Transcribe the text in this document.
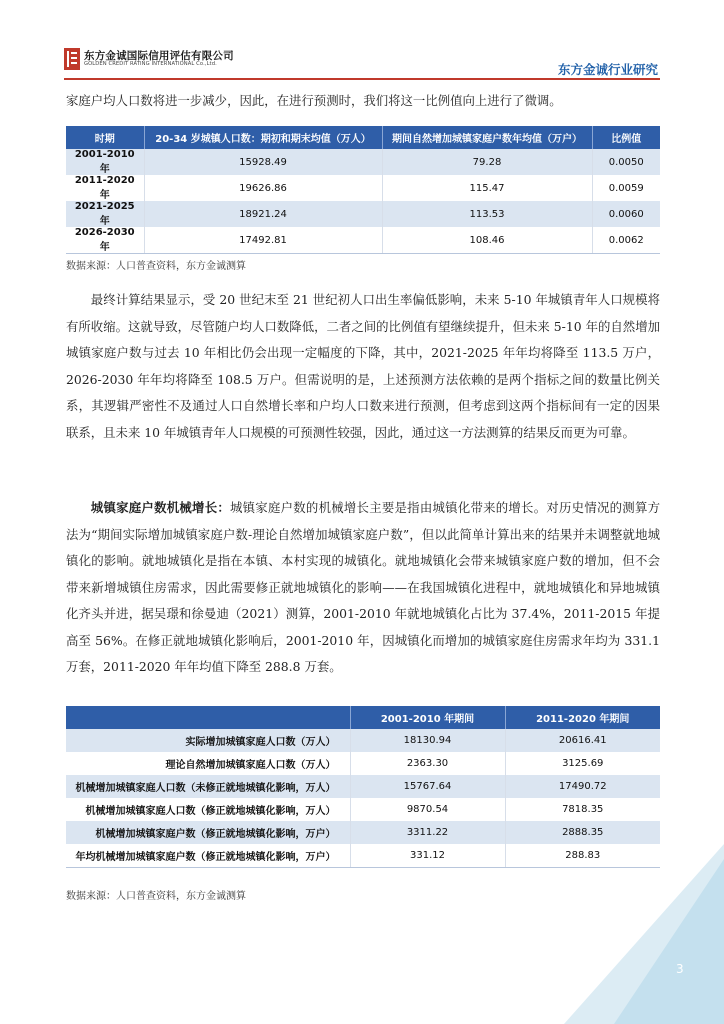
东方金诚国际信用评估有限公司
GOLDEN CREDIT RATING INTERNATIONAL Co.,Ltd.	东方金诚行业研究

家庭户均人口数将进一步减少，因此，在进行预测时，我们将这一比例值向上进行了微调。

时期	20-34 岁城镇人口数：期初和期末均值（万人）	期间自然增加城镇家庭户数年均值（万户）	比例值
2001-2010 年	15928.49	79.28	0.0050
2011-2020 年	19626.86	115.47	0.0059
2021-2025 年	18921.24	113.53	0.0060
2026-2030 年	17492.81	108.46	0.0062
数据来源：人口普查资料，东方金诚测算

最终计算结果显示，受 20 世纪末至 21 世纪初人口出生率偏低影响，未来 5-10 年城镇青年人口规模将有所收缩。这就导致，尽管随户均人口数降低，二者之间的比例值有望继续提升，但未来 5-10 年的自然增加城镇家庭户数与过去 10 年相比仍会出现一定幅度的下降，其中，2021-2025 年年均将降至 113.5 万户，2026-2030 年年均将降至 108.5 万户。但需说明的是，上述预测方法依赖的是两个指标之间的数量比例关系，其逻辑严密性不及通过人口自然增长率和户均人口数来进行预测，但考虑到这两个指标间有一定的因果联系，且未来 10 年城镇青年人口规模的可预测性较强，因此，通过这一方法测算的结果反而更为可靠。

城镇家庭户数机械增长：城镇家庭户数的机械增长主要是指由城镇化带来的增长。对历史情况的测算方法为“期间实际增加城镇家庭户数-理论自然增加城镇家庭户数”，但以此简单计算出来的结果并未调整就地城镇化的影响。就地城镇化是指在本镇、本村实现的城镇化。就地城镇化会带来城镇家庭户数的增加，但不会带来新增城镇住房需求，因此需要修正就地城镇化的影响——在我国城镇化进程中，就地城镇化和异地城镇化齐头并进，据吴璟和徐曼迪（2021）测算，2001-2010 年就地城镇化占比为 37.4%，2011-2015 年提高至 56%。在修正就地城镇化影响后，2001-2010 年，因城镇化而增加的城镇家庭住房需求年均为 331.1 万套，2011-2020 年年均值下降至 288.8 万套。

	2001-2010 年期间	2011-2020 年期间
实际增加城镇家庭人口数（万人）	18130.94	20616.41
理论自然增加城镇家庭人口数（万人）	2363.30	3125.69
机械增加城镇家庭人口数（未修正就地城镇化影响，万人）	15767.64	17490.72
机械增加城镇家庭人口数（修正就地城镇化影响，万人）	9870.54	7818.35
机械增加城镇家庭户数（修正就地城镇化影响，万户）	3311.22	2888.35
年均机械增加城镇家庭户数（修正就地城镇化影响，万户）	331.12	288.83
数据来源：人口普查资料，东方金诚测算
3
